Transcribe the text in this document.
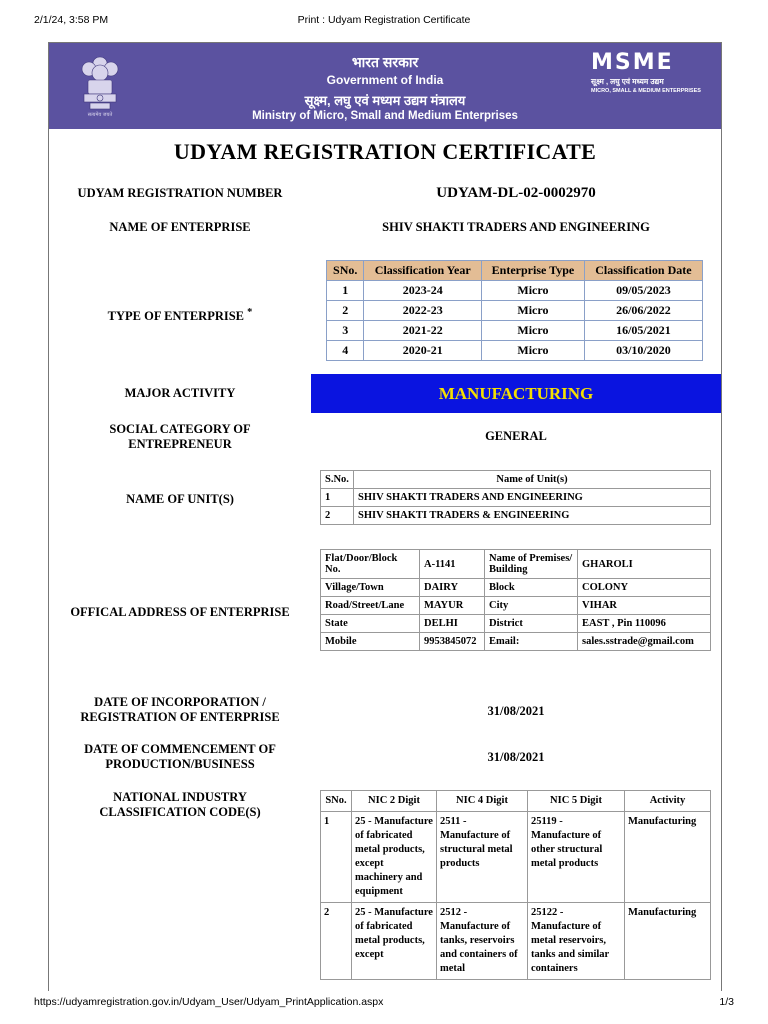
2/1/24, 3:58 PM	Print : Udyam Registration Certificate
सत्यमेव जयते
भारत सरकार
Government of India
सूक्ष्म, लघु एवं मध्यम उद्यम मंत्रालय
Ministry of Micro, Small and Medium Enterprises
MSME
सूक्ष्म , लघु एवं मध्यम उद्यम
MICRO, SMALL & MEDIUM ENTERPRISES
UDYAM REGISTRATION CERTIFICATE
UDYAM REGISTRATION NUMBER	UDYAM-DL-02-0002970
NAME OF ENTERPRISE	SHIV SHAKTI TRADERS AND ENGINEERING
TYPE OF ENTERPRISE *
SNo.	Classification Year	Enterprise Type	Classification Date
1	2023-24	Micro	09/05/2023
2	2022-23	Micro	26/06/2022
3	2021-22	Micro	16/05/2021
4	2020-21	Micro	03/10/2020
MAJOR ACTIVITY	MANUFACTURING
SOCIAL CATEGORY OF ENTREPRENEUR
GENERAL
NAME OF UNIT(S)
S.No.	Name of Unit(s)
1	SHIV SHAKTI TRADERS AND ENGINEERING
2	SHIV SHAKTI TRADERS & ENGINEERING
OFFICAL ADDRESS OF ENTERPRISE
Flat/Door/Block No.	A-1141	Name of Premises/ Building	GHAROLI
Village/Town	DAIRY	Block	COLONY
Road/Street/Lane	MAYUR	City	VIHAR
State	DELHI	District	EAST , Pin 110096
Mobile	9953845072	Email:	sales.sstrade@gmail.com
DATE OF INCORPORATION / REGISTRATION OF ENTERPRISE	31/08/2021
DATE OF COMMENCEMENT OF PRODUCTION/BUSINESS	31/08/2021
NATIONAL INDUSTRY CLASSIFICATION CODE(S)
SNo.	NIC 2 Digit	NIC 4 Digit	NIC 5 Digit	Activity
1	25 - Manufacture of fabricated metal products, except machinery and equipment	2511 - Manufacture of structural metal products	25119 - Manufacture of other structural metal products	Manufacturing
2	25 - Manufacture of fabricated metal products, except	2512 - Manufacture of tanks, reservoirs and containers of metal	25122 - Manufacture of metal reservoirs, tanks and similar containers	Manufacturing
https://udyamregistration.gov.in/Udyam_User/Udyam_PrintApplication.aspx	1/3
